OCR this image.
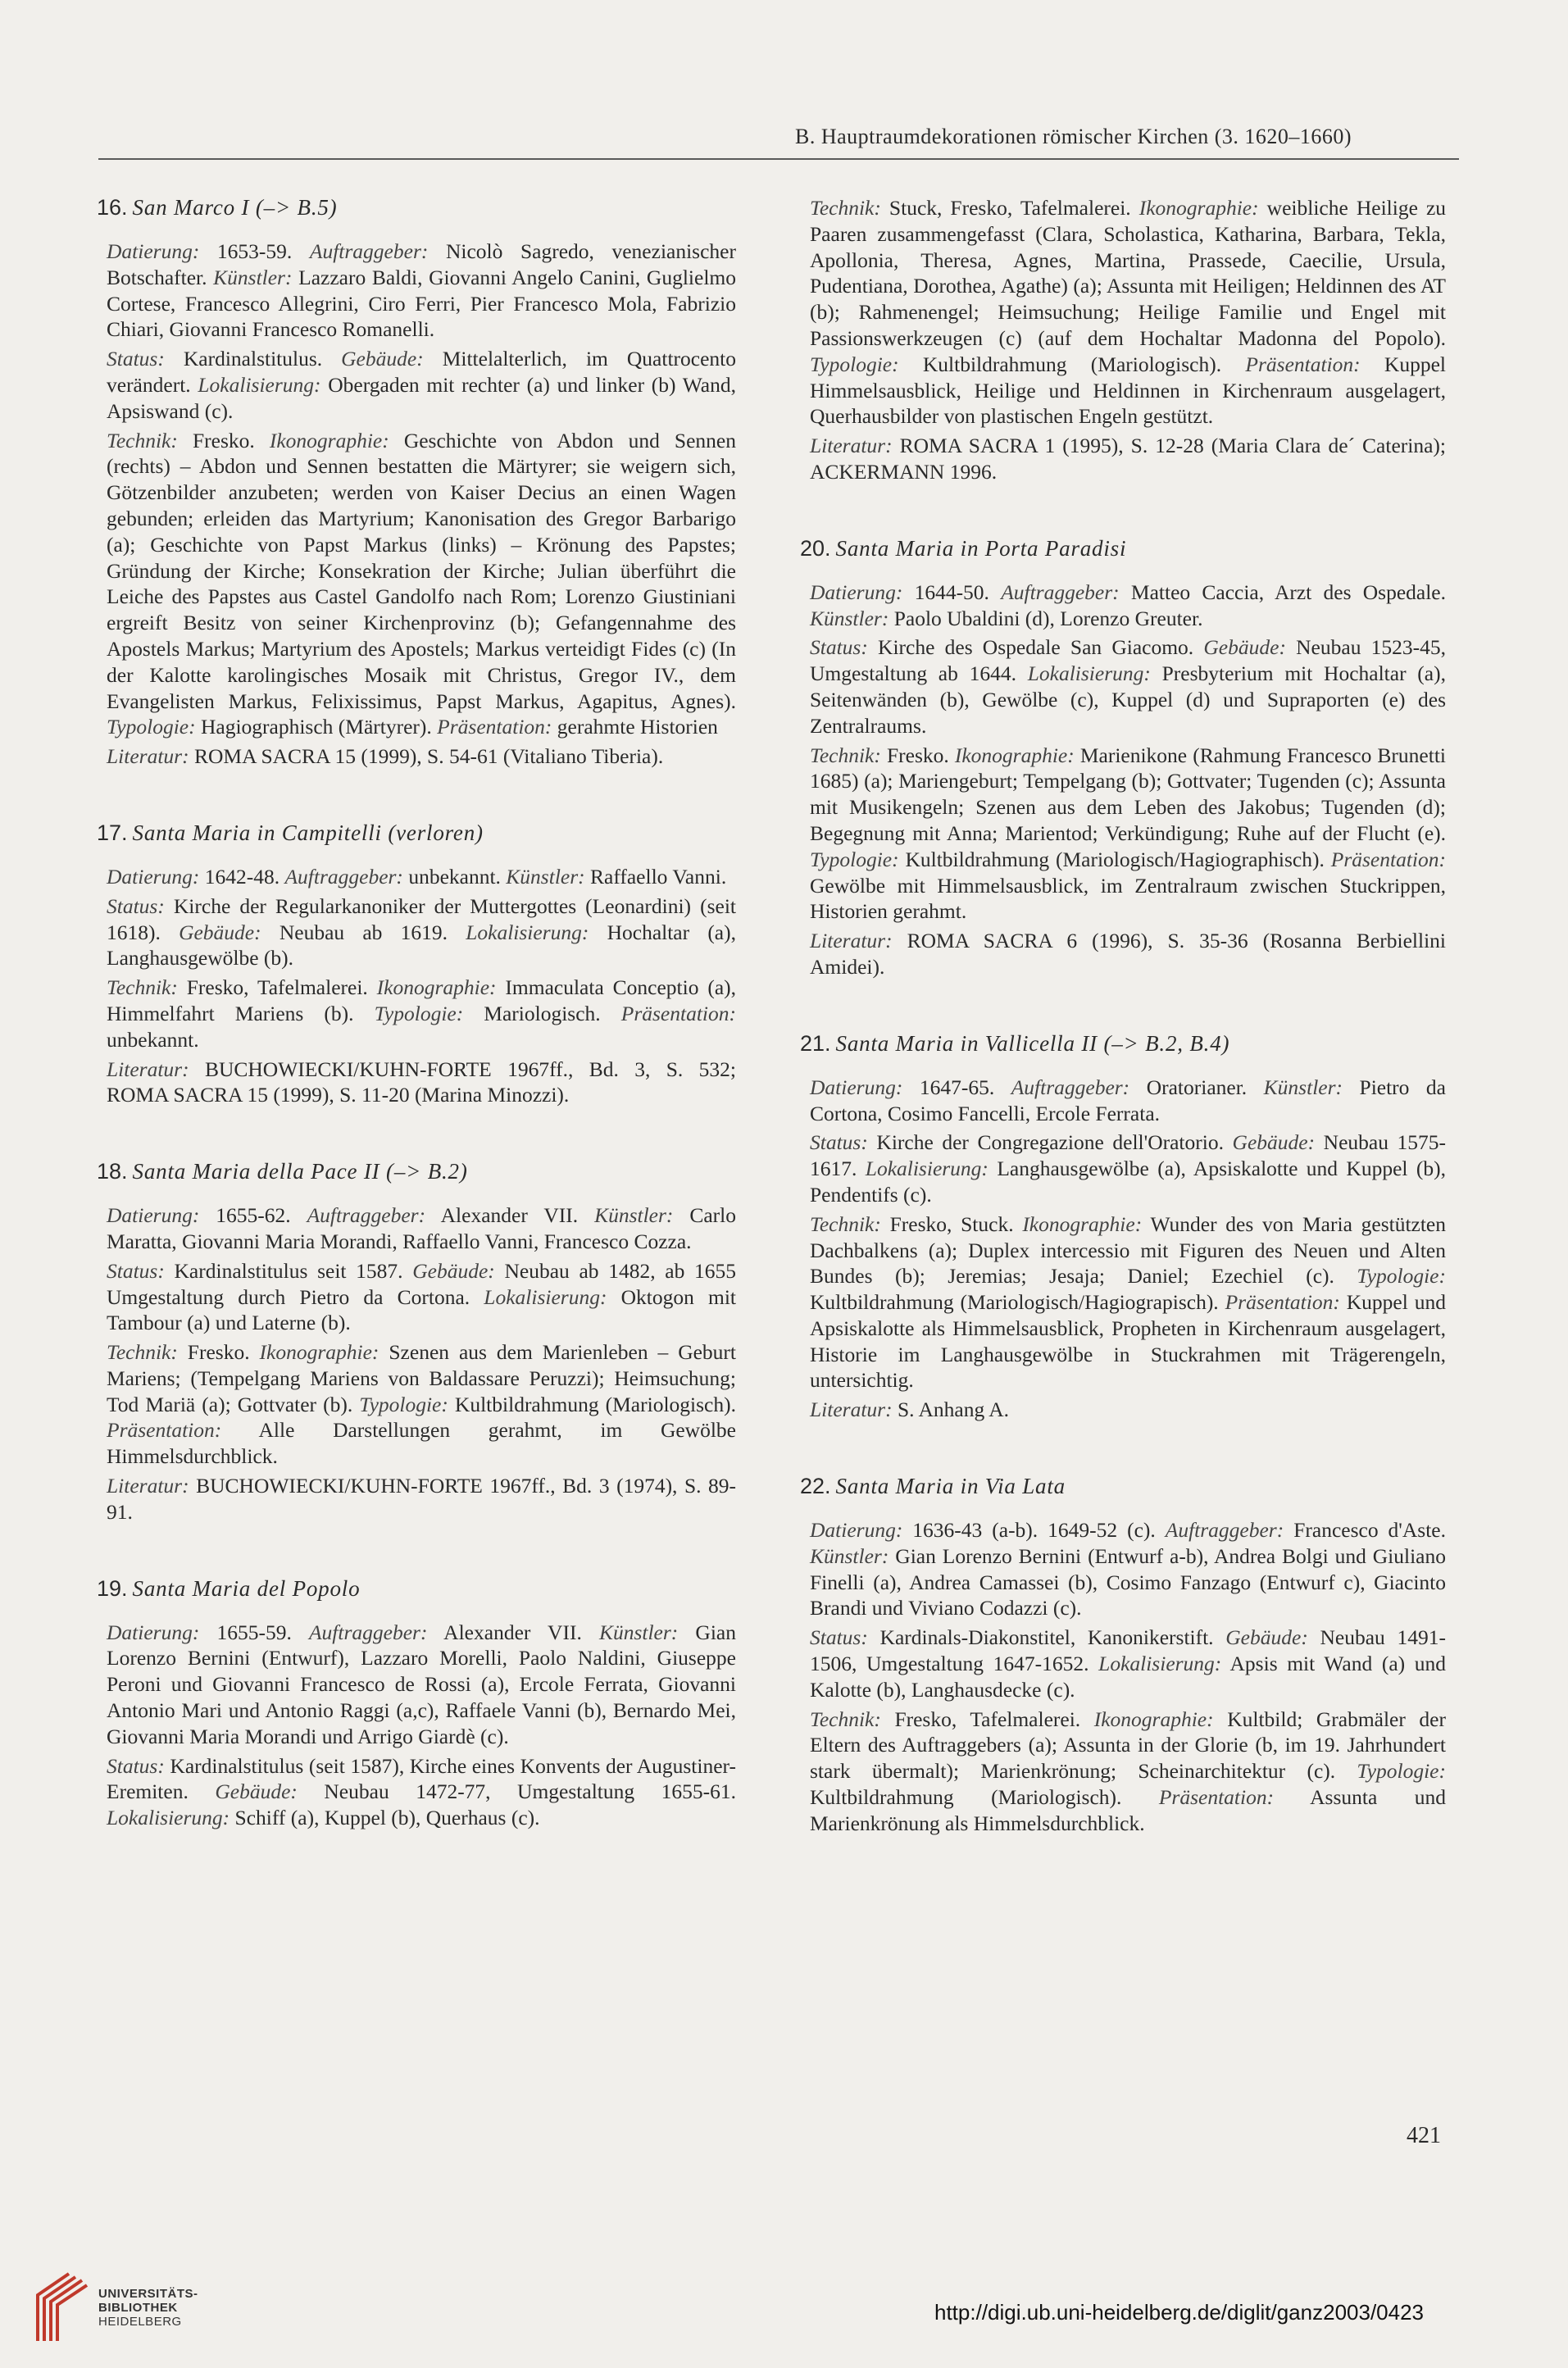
B. Hauptraumdekorationen römischer Kirchen (3. 1620–1660)
16. San Marco I (–> B.5)

Datierung: 1653-59. Auftraggeber: Nicolò Sagredo, venezianischer Botschafter. Künstler: Lazzaro Baldi, Giovanni Angelo Canini, Guglielmo Cortese, Francesco Allegrini, Ciro Ferri, Pier Francesco Mola, Fabrizio Chiari, Giovanni Francesco Romanelli.

Status: Kardinalstitulus. Gebäude: Mittelalterlich, im Quattrocento verändert. Lokalisierung: Obergaden mit rechter (a) und linker (b) Wand, Apsiswand (c).

Technik: Fresko. Ikonographie: Geschichte von Abdon und Sennen (rechts) – Abdon und Sennen bestatten die Märtyrer; sie weigern sich, Götzenbilder anzubeten; werden von Kaiser Decius an einen Wagen gebunden; erleiden das Martyrium; Kanonisation des Gregor Barbarigo (a); Geschichte von Papst Markus (links) – Krönung des Papstes; Gründung der Kirche; Konsekration der Kirche; Julian überführt die Leiche des Papstes aus Castel Gandolfo nach Rom; Lorenzo Giustiniani ergreift Besitz von seiner Kirchenprovinz (b); Gefangennahme des Apostels Markus; Martyrium des Apostels; Markus verteidigt Fides (c) (In der Kalotte karolingisches Mosaik mit Christus, Gregor IV., dem Evangelisten Markus, Felixissimus, Papst Markus, Agapitus, Agnes). Typologie: Hagiographisch (Märtyrer). Präsentation: gerahmte Historien

Literatur: ROMA SACRA 15 (1999), S. 54-61 (Vitaliano Tiberia).

17. Santa Maria in Campitelli (verloren)

Datierung: 1642-48. Auftraggeber: unbekannt. Künstler: Raffaello Vanni.

Status: Kirche der Regularkanoniker der Muttergottes (Leonardini) (seit 1618). Gebäude: Neubau ab 1619. Lokalisierung: Hochaltar (a), Langhausgewölbe (b).

Technik: Fresko, Tafelmalerei. Ikonographie: Immaculata Conceptio (a), Himmelfahrt Mariens (b). Typologie: Mariologisch. Präsentation: unbekannt.

Literatur: BUCHOWIECKI/KUHN-FORTE 1967ff., Bd. 3, S. 532; ROMA SACRA 15 (1999), S. 11-20 (Marina Minozzi).

18. Santa Maria della Pace II (–> B.2)

Datierung: 1655-62. Auftraggeber: Alexander VII. Künstler: Carlo Maratta, Giovanni Maria Morandi, Raffaello Vanni, Francesco Cozza.

Status: Kardinalstitulus seit 1587. Gebäude: Neubau ab 1482, ab 1655 Umgestaltung durch Pietro da Cortona. Lokalisierung: Oktogon mit Tambour (a) und Laterne (b).

Technik: Fresko. Ikonographie: Szenen aus dem Marienleben – Geburt Mariens; (Tempelgang Mariens von Baldassare Peruzzi); Heimsuchung; Tod Mariä (a); Gottvater (b). Typologie: Kultbildrahmung (Mariologisch). Präsentation: Alle Darstellungen gerahmt, im Gewölbe Himmelsdurchblick.

Literatur: BUCHOWIECKI/KUHN-FORTE 1967ff., Bd. 3 (1974), S. 89-91.

19. Santa Maria del Popolo

Datierung: 1655-59. Auftraggeber: Alexander VII. Künstler: Gian Lorenzo Bernini (Entwurf), Lazzaro Morelli, Paolo Naldini, Giuseppe Peroni und Giovanni Francesco de Rossi (a), Ercole Ferrata, Giovanni Antonio Mari und Antonio Raggi (a,c), Raffaele Vanni (b), Bernardo Mei, Giovanni Maria Morandi und Arrigo Giardè (c).

Status: Kardinalstitulus (seit 1587), Kirche eines Konvents der Augustiner-Eremiten. Gebäude: Neubau 1472-77, Umgestaltung 1655-61. Lokalisierung: Schiff (a), Kuppel (b), Querhaus (c).

Technik: Stuck, Fresko, Tafelmalerei. Ikonographie: weibliche Heilige zu Paaren zusammengefasst (Clara, Scholastica, Katharina, Barbara, Tekla, Apollonia, Theresa, Agnes, Martina, Prassede, Caecilie, Ursula, Pudentiana, Dorothea, Agathe) (a); Assunta mit Heiligen; Heldinnen des AT (b); Rahmenengel; Heimsuchung; Heilige Familie und Engel mit Passionswerkzeugen (c) (auf dem Hochaltar Madonna del Popolo). Typologie: Kultbildrahmung (Mariologisch). Präsentation: Kuppel Himmelsausblick, Heilige und Heldinnen in Kirchenraum ausgelagert, Querhausbilder von plastischen Engeln gestützt.

Literatur: ROMA SACRA 1 (1995), S. 12-28 (Maria Clara de´ Caterina); ACKERMANN 1996.

20. Santa Maria in Porta Paradisi

Datierung: 1644-50. Auftraggeber: Matteo Caccia, Arzt des Ospedale. Künstler: Paolo Ubaldini (d), Lorenzo Greuter.

Status: Kirche des Ospedale San Giacomo. Gebäude: Neubau 1523-45, Umgestaltung ab 1644. Lokalisierung: Presbyterium mit Hochaltar (a), Seitenwänden (b), Gewölbe (c), Kuppel (d) und Supraporten (e) des Zentralraums.

Technik: Fresko. Ikonographie: Marienikone (Rahmung Francesco Brunetti 1685) (a); Mariengeburt; Tempelgang (b); Gottvater; Tugenden (c); Assunta mit Musikengeln; Szenen aus dem Leben des Jakobus; Tugenden (d); Begegnung mit Anna; Marientod; Verkündigung; Ruhe auf der Flucht (e). Typologie: Kultbildrahmung (Mariologisch/Hagiographisch). Präsentation: Gewölbe mit Himmelsausblick, im Zentralraum zwischen Stuckrippen, Historien gerahmt.

Literatur: ROMA SACRA 6 (1996), S. 35-36 (Rosanna Berbiellini Amidei).

21. Santa Maria in Vallicella II (–> B.2, B.4)

Datierung: 1647-65. Auftraggeber: Oratorianer. Künstler: Pietro da Cortona, Cosimo Fancelli, Ercole Ferrata.

Status: Kirche der Congregazione dell'Oratorio. Gebäude: Neubau 1575-1617. Lokalisierung: Langhausgewölbe (a), Apsiskalotte und Kuppel (b), Pendentifs (c).

Technik: Fresko, Stuck. Ikonographie: Wunder des von Maria gestützten Dachbalkens (a); Duplex intercessio mit Figuren des Neuen und Alten Bundes (b); Jeremias; Jesaja; Daniel; Ezechiel (c). Typologie: Kultbildrahmung (Mariologisch/Hagiograpisch). Präsentation: Kuppel und Apsiskalotte als Himmelsausblick, Propheten in Kirchenraum ausgelagert, Historie im Langhausgewölbe in Stuckrahmen mit Trägerengeln, untersichtig.

Literatur: S. Anhang A.

22. Santa Maria in Via Lata

Datierung: 1636-43 (a-b). 1649-52 (c). Auftraggeber: Francesco d'Aste. Künstler: Gian Lorenzo Bernini (Entwurf a-b), Andrea Bolgi und Giuliano Finelli (a), Andrea Camassei (b), Cosimo Fanzago (Entwurf c), Giacinto Brandi und Viviano Codazzi (c).

Status: Kardinals-Diakonstitel, Kanonikerstift. Gebäude: Neubau 1491-1506, Umgestaltung 1647-1652. Lokalisierung: Apsis mit Wand (a) und Kalotte (b), Langhausdecke (c).

Technik: Fresko, Tafelmalerei. Ikonographie: Kultbild; Grabmäler der Eltern des Auftraggebers (a); Assunta in der Glorie (b, im 19. Jahrhundert stark übermalt); Marienkrönung; Scheinarchitektur (c). Typologie: Kultbildrahmung (Mariologisch). Präsentation: Assunta und Marienkrönung als Himmelsdurchblick.

421
UNIVERSITÄTS-
BIBLIOTHEK
HEIDELBERG	http://digi.ub.uni-heidelberg.de/diglit/ganz2003/0423
